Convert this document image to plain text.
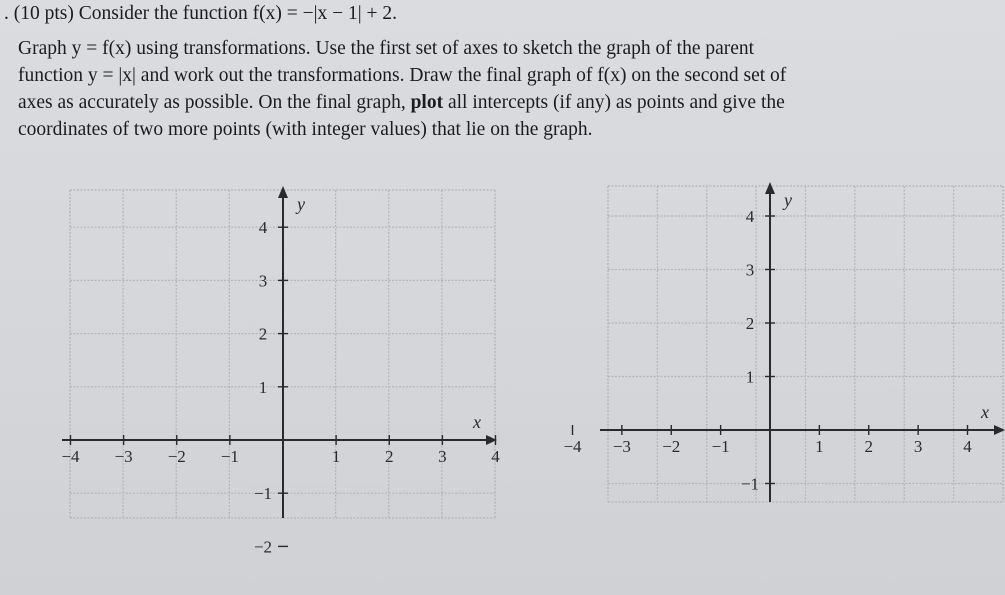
. (10 pts) Consider the function f(x) = −|x − 1| + 2.
Graph y = f(x) using transformations. Use the first set of axes to sketch the graph of the parent
function y = |x| and work out the transformations. Draw the final graph of f(x) on the second set of
axes as accurately as possible. On the final graph, plot all intercepts (if any) as points and give the
coordinates of two more points (with integer values) that lie on the graph.
−4 −3 −2 −1	1	2	3	4
4
3
2
1
−1
−2
x
y
−4 −3 −2 −1	1 2 3 4
4
3
2
1
−1
x
y
